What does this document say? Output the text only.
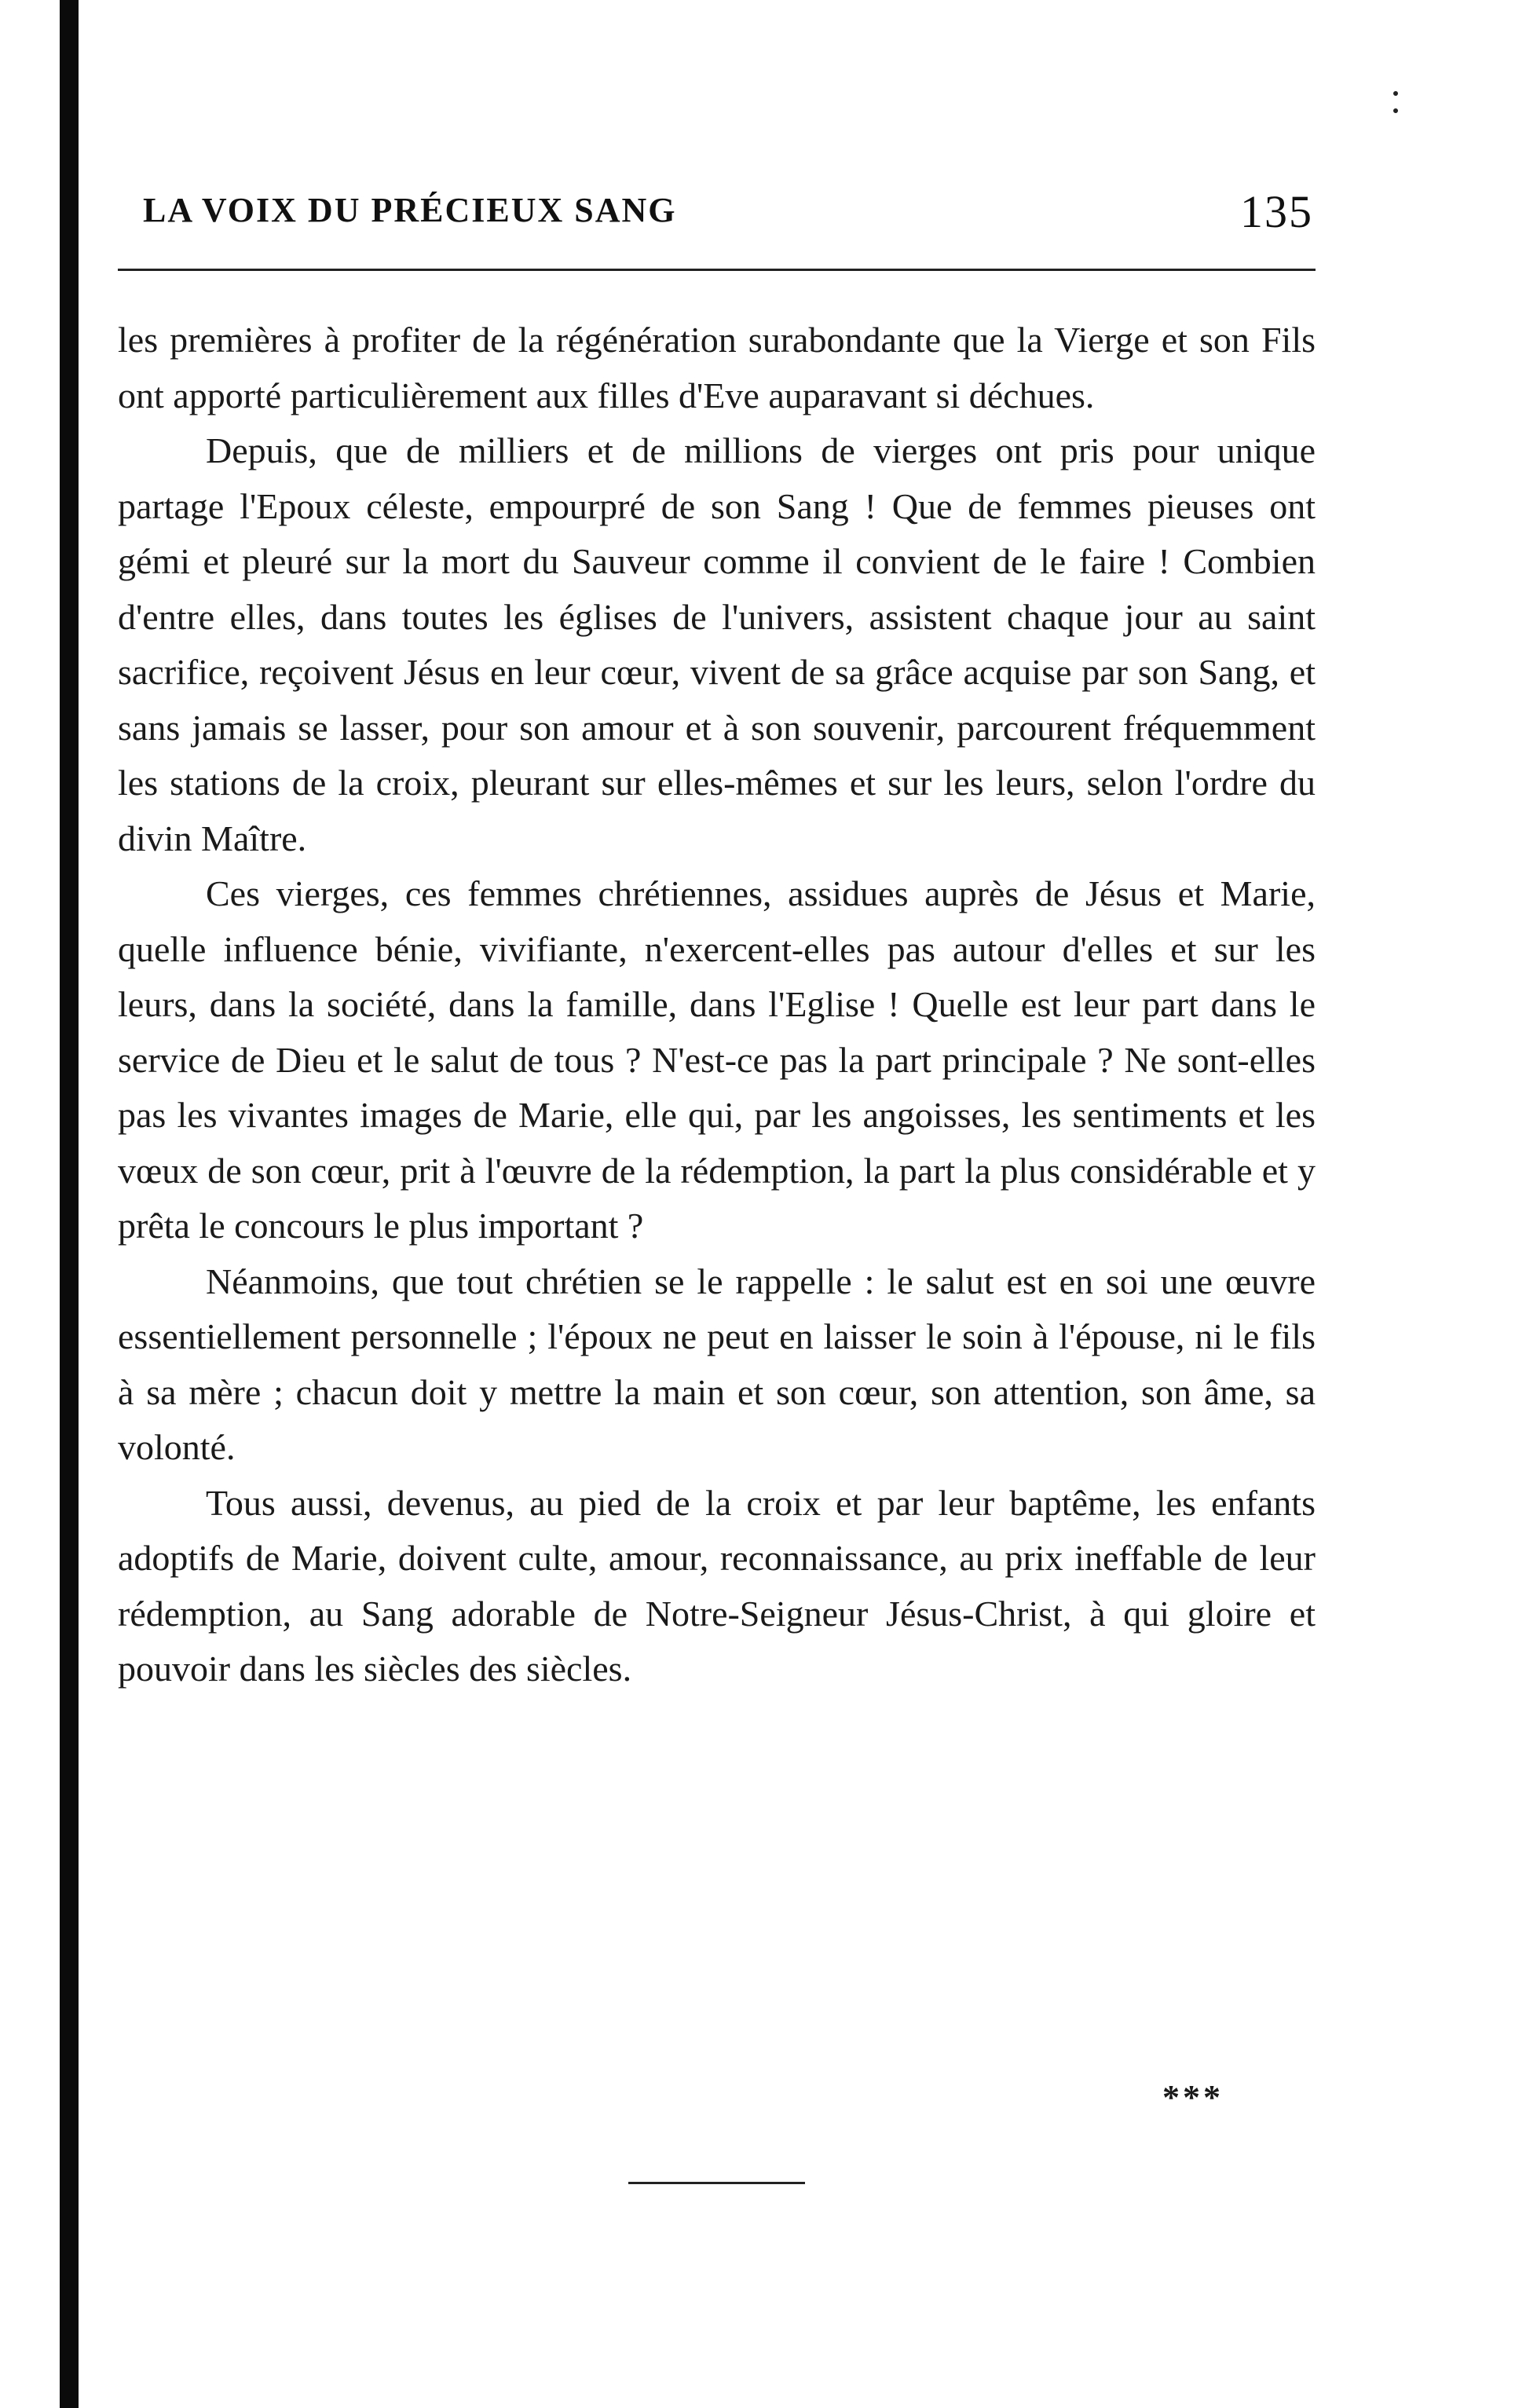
LA VOIX DU PRÉCIEUX SANG	135

les premières à profiter de la régénération surabondante que la Vierge et son Fils ont apporté particulièrement aux filles d'Eve auparavant si déchues.

Depuis, que de milliers et de millions de vierges ont pris pour unique partage l'Epoux céleste, empourpré de son Sang ! Que de femmes pieuses ont gémi et pleuré sur la mort du Sauveur comme il convient de le faire ! Combien d'entre elles, dans toutes les églises de l'univers, assistent chaque jour au saint sacrifice, reçoivent Jésus en leur cœur, vivent de sa grâce acquise par son Sang, et sans jamais se lasser, pour son amour et à son souvenir, parcourent fréquemment les stations de la croix, pleurant sur elles-mêmes et sur les leurs, selon l'ordre du divin Maître.

Ces vierges, ces femmes chrétiennes, assidues auprès de Jésus et Marie, quelle influence bénie, vivifiante, n'exercent-elles pas autour d'elles et sur les leurs, dans la société, dans la famille, dans l'Eglise ! Quelle est leur part dans le service de Dieu et le salut de tous ? N'est-ce pas la part principale ? Ne sont-elles pas les vivantes images de Marie, elle qui, par les angoisses, les sentiments et les vœux de son cœur, prit à l'œuvre de la rédemption, la part la plus considérable et y prêta le concours le plus important ?

Néanmoins, que tout chrétien se le rappelle : le salut est en soi une œuvre essentiellement personnelle ; l'époux ne peut en laisser le soin à l'épouse, ni le fils à sa mère ; chacun doit y mettre la main et son cœur, son attention, son âme, sa volonté.

Tous aussi, devenus, au pied de la croix et par leur baptême, les enfants adoptifs de Marie, doivent culte, amour, reconnaissance, au prix ineffable de leur rédemption, au Sang adorable de Notre-Seigneur Jésus-Christ, à qui gloire et pouvoir dans les siècles des siècles.

***
